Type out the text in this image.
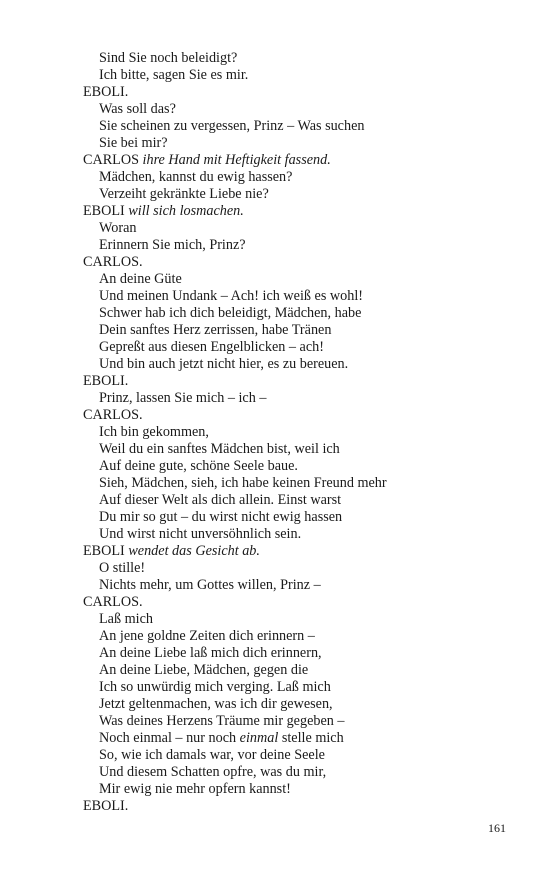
Sind Sie noch beleidigt?
Ich bitte, sagen Sie es mir.
EBOLI.
Was soll das?
Sie scheinen zu vergessen, Prinz – Was suchen
Sie bei mir?
CARLOS ihre Hand mit Heftigkeit fassend.
Mädchen, kannst du ewig hassen?
Verzeiht gekränkte Liebe nie?
EBOLI will sich losmachen.
Woran
Erinnern Sie mich, Prinz?
CARLOS.
An deine Güte
Und meinen Undank – Ach! ich weiß es wohl!
Schwer hab ich dich beleidigt, Mädchen, habe
Dein sanftes Herz zerrissen, habe Tränen
Gepreßt aus diesen Engelblicken – ach!
Und bin auch jetzt nicht hier, es zu bereuen.
EBOLI.
Prinz, lassen Sie mich – ich –
CARLOS.
Ich bin gekommen,
Weil du ein sanftes Mädchen bist, weil ich
Auf deine gute, schöne Seele baue.
Sieh, Mädchen, sieh, ich habe keinen Freund mehr
Auf dieser Welt als dich allein. Einst warst
Du mir so gut – du wirst nicht ewig hassen
Und wirst nicht unversöhnlich sein.
EBOLI wendet das Gesicht ab.
O stille!
Nichts mehr, um Gottes willen, Prinz –
CARLOS.
Laß mich
An jene goldne Zeiten dich erinnern –
An deine Liebe laß mich dich erinnern,
An deine Liebe, Mädchen, gegen die
Ich so unwürdig mich verging. Laß mich
Jetzt geltenmachen, was ich dir gewesen,
Was deines Herzens Träume mir gegeben –
Noch einmal – nur noch einmal stelle mich
So, wie ich damals war, vor deine Seele
Und diesem Schatten opfre, was du mir,
Mir ewig nie mehr opfern kannst!
EBOLI.
161
